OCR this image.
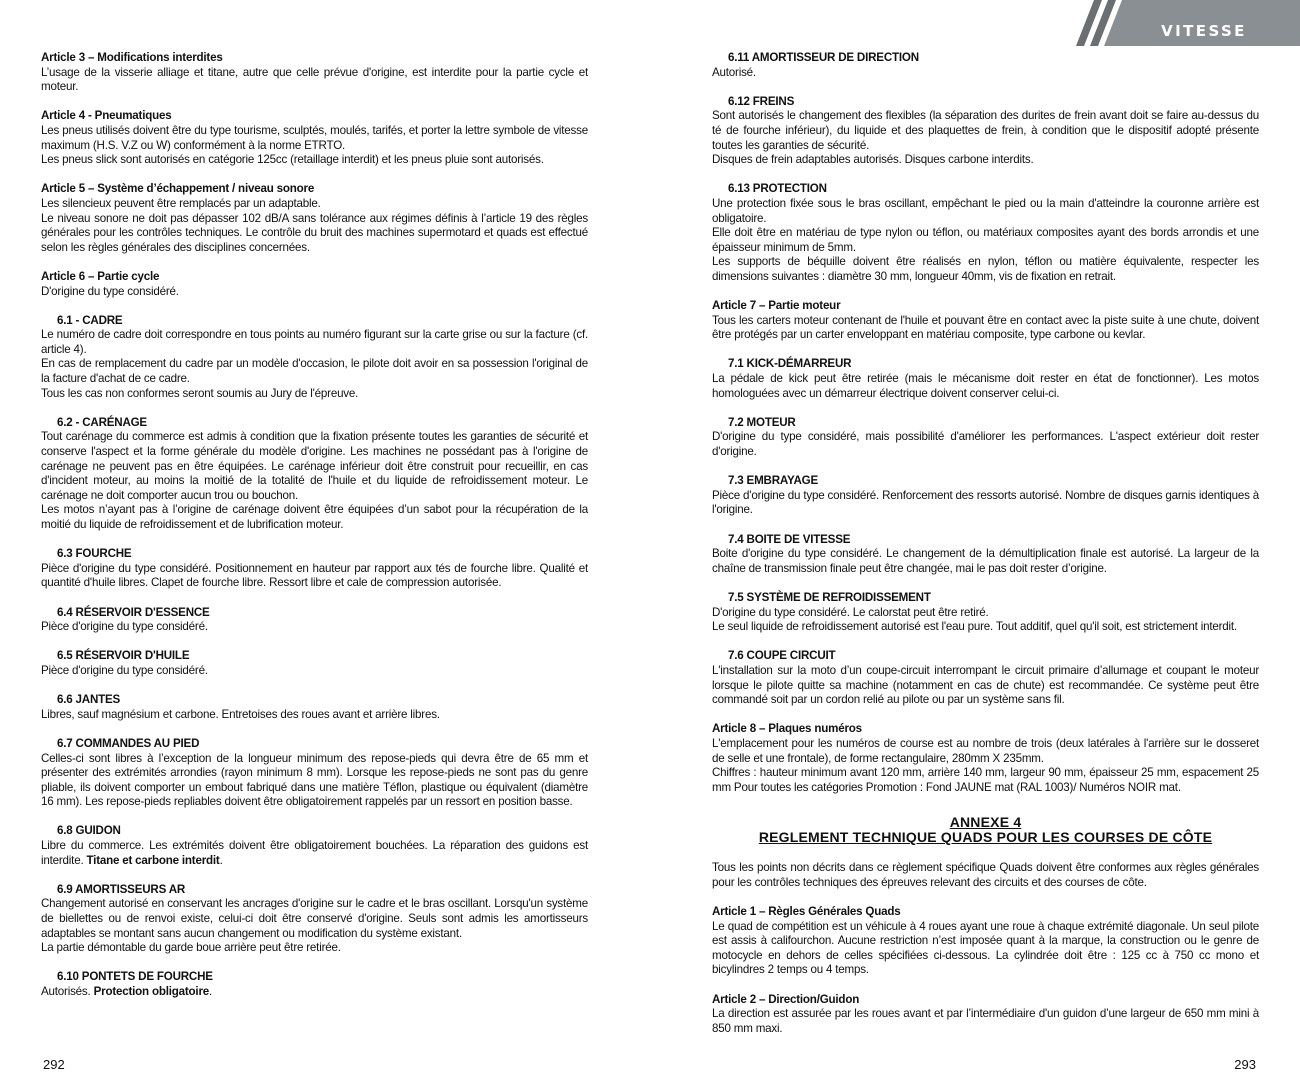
VITESSE
Article 3 – Modifications interdites
L’usage de la visserie alliage et titane, autre que celle prévue d'origine, est interdite pour la partie cycle et moteur.
Article 4 - Pneumatiques
Les pneus utilisés doivent être du type tourisme, sculptés, moulés, tarifés, et porter la lettre symbole de vitesse maximum (H.S. V.Z ou W) conformément à la norme ETRTO.
Les pneus slick sont autorisés en catégorie 125cc (retaillage interdit) et les pneus pluie sont autorisés.
Article 5 – Système d’échappement / niveau sonore
Les silencieux peuvent être remplacés par un adaptable.
Le niveau sonore ne doit pas dépasser 102 dB/A sans tolérance aux régimes définis à l’article 19 des règles générales pour les contrôles techniques. Le contrôle du bruit des machines supermotard et quads est effectué selon les règles générales des disciplines concernées.
Article 6 – Partie cycle
D'origine du type considéré.
6.1 - CADRE
Le numéro de cadre doit correspondre en tous points au numéro figurant sur la carte grise ou sur la facture (cf. article 4).
En cas de remplacement du cadre par un modèle d'occasion, le pilote doit avoir en sa possession l'original de la facture d'achat de ce cadre.
Tous les cas non conformes seront soumis au Jury de l'épreuve.
6.2 - CARÉNAGE
Tout carénage du commerce est admis à condition que la fixation présente toutes les garanties de sécurité et conserve l'aspect et la forme générale du modèle d'origine. Les machines ne possédant pas à l'origine de carénage ne peuvent pas en être équipées. Le carénage inférieur doit être construit pour recueillir, en cas d'incident moteur, au moins la moitié de la totalité de l'huile et du liquide de refroidissement moteur. Le carénage ne doit comporter aucun trou ou bouchon.
Les motos n’ayant pas à l’origine de carénage doivent être équipées d’un sabot pour la récupération de la moitié du liquide de refroidissement et de lubrification moteur.
6.3 FOURCHE
Pièce d'origine du type considéré. Positionnement en hauteur par rapport aux tés de fourche libre. Qualité et quantité d'huile libres. Clapet de fourche libre. Ressort libre et cale de compression autorisée.
6.4 RÉSERVOIR D'ESSENCE
Pièce d'origine du type considéré.
6.5 RÉSERVOIR D'HUILE
Pièce d'origine du type considéré.
6.6 JANTES
Libres, sauf magnésium et carbone. Entretoises des roues avant et arrière libres.
6.7 COMMANDES AU PIED
Celles-ci sont libres à l’exception de la longueur minimum des repose-pieds qui devra être de 65 mm et présenter des extrémités arrondies (rayon minimum 8 mm). Lorsque les repose-pieds ne sont pas du genre pliable, ils doivent comporter un embout fabriqué dans une matière Téflon, plastique ou équivalent (diamètre 16 mm). Les repose-pieds repliables doivent être obligatoirement rappelés par un ressort en position basse.
6.8 GUIDON
Libre du commerce. Les extrémités doivent être obligatoirement bouchées. La réparation des guidons est interdite. Titane et carbone interdit.
6.9 AMORTISSEURS AR
Changement autorisé en conservant les ancrages d'origine sur le cadre et le bras oscillant. Lorsqu'un système de biellettes ou de renvoi existe, celui-ci doit être conservé d'origine. Seuls sont admis les amortisseurs adaptables se montant sans aucun changement ou modification du système existant.
La partie démontable du garde boue arrière peut être retirée.
6.10 PONTETS DE FOURCHE
Autorisés. Protection obligatoire.
6.11 AMORTISSEUR DE DIRECTION
Autorisé.
6.12 FREINS
Sont autorisés le changement des flexibles (la séparation des durites de frein avant doit se faire au-dessus du té de fourche inférieur), du liquide et des plaquettes de frein, à condition que le dispositif adopté présente toutes les garanties de sécurité.
Disques de frein adaptables autorisés. Disques carbone interdits.
6.13 PROTECTION
Une protection fixée sous le bras oscillant, empêchant le pied ou la main d'atteindre la couronne arrière est obligatoire.
Elle doit être en matériau de type nylon ou téflon, ou matériaux composites ayant des bords arrondis et une épaisseur minimum de 5mm.
Les supports de béquille doivent être réalisés en nylon, téflon ou matière équivalente, respecter les dimensions suivantes : diamètre 30 mm, longueur 40mm, vis de fixation en retrait.
Article 7 – Partie moteur
Tous les carters moteur contenant de l'huile et pouvant être en contact avec la piste suite à une chute, doivent être protégés par un carter enveloppant en matériau composite, type carbone ou kevlar.
7.1 KICK-DÉMARREUR
La pédale de kick peut être retirée (mais le mécanisme doit rester en état de fonctionner). Les motos homologuées avec un démarreur électrique doivent conserver celui-ci.
7.2 MOTEUR
D'origine du type considéré, mais possibilité d'améliorer les performances. L'aspect extérieur doit rester d'origine.
7.3 EMBRAYAGE
Pièce d'origine du type considéré. Renforcement des ressorts autorisé. Nombre de disques garnis identiques à l'origine.
7.4 BOITE DE VITESSE
Boite d'origine du type considéré. Le changement de la démultiplication finale est autorisé. La largeur de la chaîne de transmission finale peut être changée, mai le pas doit rester d’origine.
7.5 SYSTÈME DE REFROIDISSEMENT
D'origine du type considéré. Le calorstat peut être retiré.
Le seul liquide de refroidissement autorisé est l'eau pure. Tout additif, quel qu'il soit, est strictement interdit.
7.6 COUPE CIRCUIT
L'installation sur la moto d’un coupe-circuit interrompant le circuit primaire d’allumage et coupant le moteur lorsque le pilote quitte sa machine (notamment en cas de chute) est recommandée. Ce système peut être commandé soit par un cordon relié au pilote ou par un système sans fil.
Article 8 – Plaques numéros
L'emplacement pour les numéros de course est au nombre de trois (deux latérales à l'arrière sur le dosseret de selle et une frontale), de forme rectangulaire, 280mm X 235mm.
Chiffres : hauteur minimum avant 120 mm, arrière 140 mm, largeur 90 mm, épaisseur 25 mm, espacement 25 mm Pour toutes les catégories Promotion : Fond JAUNE mat (RAL 1003)/ Numéros NOIR mat.
ANNEXE 4
REGLEMENT TECHNIQUE QUADS POUR LES COURSES DE CÔTE
Tous les points non décrits dans ce règlement spécifique Quads doivent être conformes aux règles générales pour les contrôles techniques des épreuves relevant des circuits et des courses de côte.
Article 1 – Règles Générales Quads
Le quad de compétition est un véhicule à 4 roues ayant une roue à chaque extrémité diagonale. Un seul pilote est assis à califourchon. Aucune restriction n’est imposée quant à la marque, la construction ou le genre de motocycle en dehors de celles spécifiées ci-dessous. La cylindrée doit être : 125 cc à 750 cc mono et bicylindres 2 temps ou 4 temps.
Article 2 – Direction/Guidon
La direction est assurée par les roues avant et par l’intermédiaire d'un guidon d’une largeur de 650 mm mini à 850 mm maxi.
292	293
